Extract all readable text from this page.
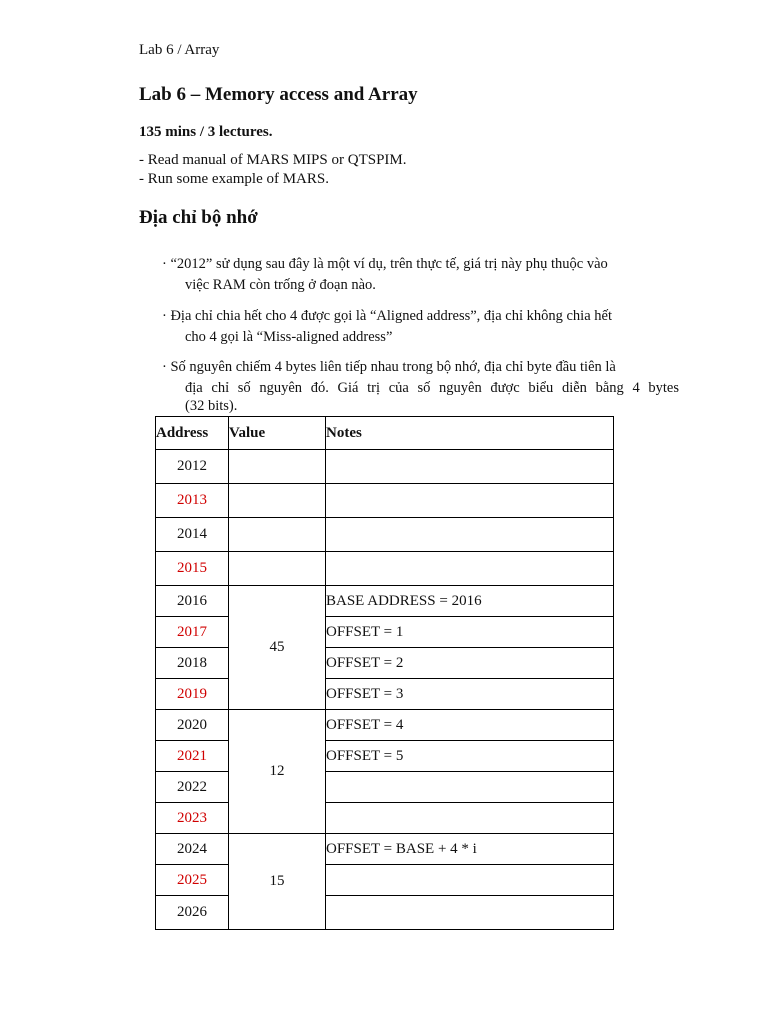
Lab 6 / Array
Lab 6 – Memory access and Array
135 mins / 3 lectures.
- Read manual of MARS MIPS or QTSPIM.
- Run some example of MARS.
Địa chỉ bộ nhớ
· “2012” sử dụng sau đây là một ví dụ, trên thực tế, giá trị này phụ thuộc vào
việc RAM còn trống ở đoạn nào.
· Địa chỉ chia hết cho 4 được gọi là “Aligned address”, địa chỉ không chia hết
cho 4 gọi là “Miss-aligned address”
· Số nguyên chiếm 4 bytes liên tiếp nhau trong bộ nhớ, địa chỉ byte đầu tiên là
địa chỉ số nguyên đó. Giá trị của số nguyên được biểu diễn bằng 4 bytes
(32 bits).
Address	Value	Notes
2012		
2013		
2014		
2015		
2016	45	BASE ADDRESS = 2016
2017		OFFSET = 1
2018		OFFSET = 2
2019		OFFSET = 3
2020	12	OFFSET = 4
2021		OFFSET = 5
2022		
2023		
2024	15	OFFSET = BASE + 4 * i
2025		
2026		
